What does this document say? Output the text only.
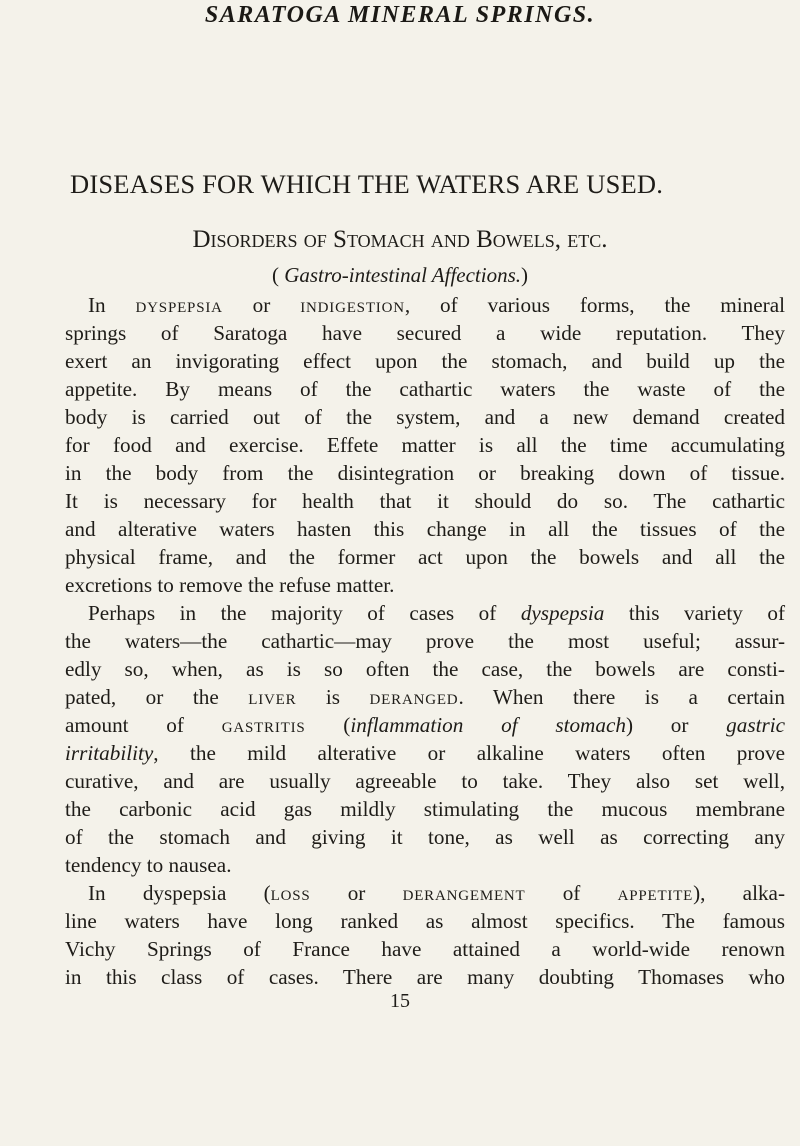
SARATOGA MINERAL SPRINGS.
DISEASES FOR WHICH THE WATERS ARE USED.
Disorders of Stomach and Bowels, etc.
( Gastro-intestinal Affections.)
In dyspepsia or indigestion, of various forms, the mineral
springs of Saratoga have secured a wide reputation. They
exert an invigorating effect upon the stomach, and build up the
appetite. By means of the cathartic waters the waste of the
body is carried out of the system, and a new demand created
for food and exercise. Effete matter is all the time accumulating
in the body from the disintegration or breaking down of tissue.
It is necessary for health that it should do so. The cathartic
and alterative waters hasten this change in all the tissues of the
physical frame, and the former act upon the bowels and all the
excretions to remove the refuse matter.
Perhaps in the majority of cases of dyspepsia this variety of
the waters—the cathartic—may prove the most useful; assur-
edly so, when, as is so often the case, the bowels are consti-
pated, or the liver is deranged. When there is a certain
amount of gastritis (inflammation of stomach) or gastric
irritability, the mild alterative or alkaline waters often prove
curative, and are usually agreeable to take. They also set well,
the carbonic acid gas mildly stimulating the mucous membrane
of the stomach and giving it tone, as well as correcting any
tendency to nausea.
In dyspepsia (loss or derangement of appetite), alka-
line waters have long ranked as almost specifics. The famous
Vichy Springs of France have attained a world-wide renown
in this class of cases. There are many doubting Thomases who
15
